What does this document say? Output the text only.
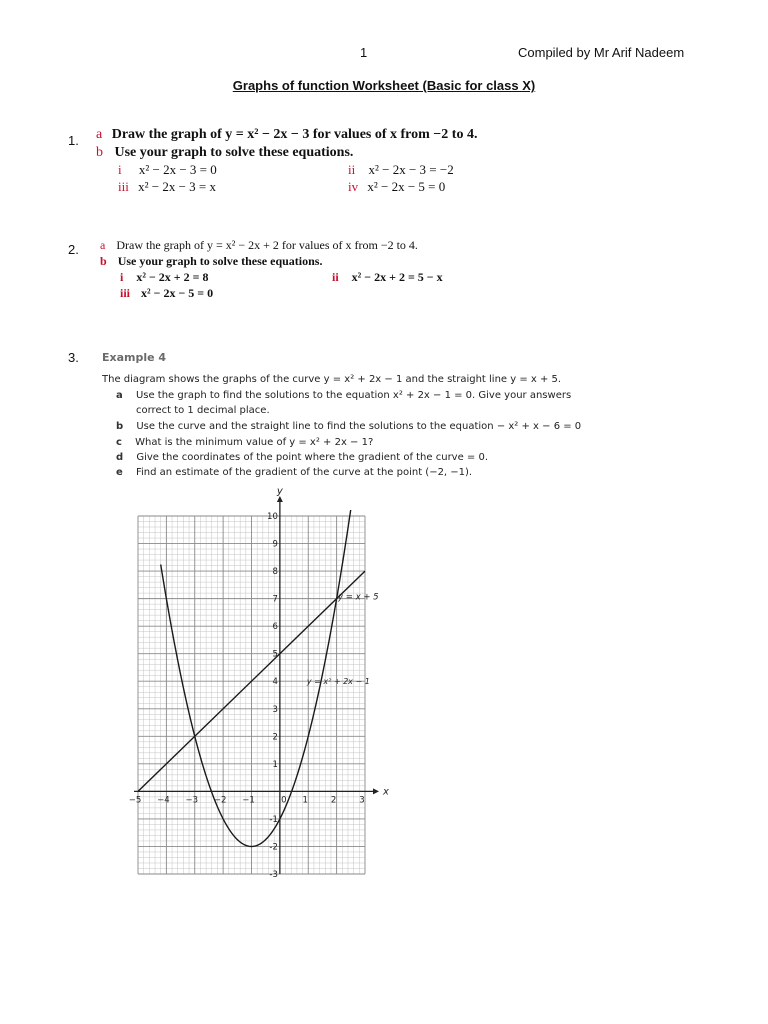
1	Compiled by Mr Arif Nadeem
Graphs of function Worksheet (Basic for class X)
1. a Draw the graph of y = x² − 2x − 3 for values of x from −2 to 4.
b Use your graph to solve these equations.
i x² − 2x − 3 = 0	ii x² − 2x − 3 = −2
iii x² − 2x − 3 = x	iv x² − 2x − 5 = 0
2. a Draw the graph of y = x² − 2x + 2 for values of x from −2 to 4.
b Use your graph to solve these equations.
i x² − 2x + 2 = 8	ii x² − 2x + 2 = 5 − x
iii x² − 2x − 5 = 0
3. Example 4
The diagram shows the graphs of the curve y = x² + 2x − 1 and the straight line y = x + 5.
a Use the graph to find the solutions to the equation x² + 2x − 1 = 0. Give your answers
correct to 1 decimal place.
b Use the curve and the straight line to find the solutions to the equation − x² + x − 6 = 0
c What is the minimum value of y = x² + 2x − 1?
d Give the coordinates of the point where the gradient of the curve = 0.
e Find an estimate of the gradient of the curve at the point (−2, −1).
x
y
−5 −4 −3 −2 −1	0 1	2	3
-3
-2
-1
1
2
3
4
5
6
7
8
9
10
y = x + 5
y = x² + 2x − 1
